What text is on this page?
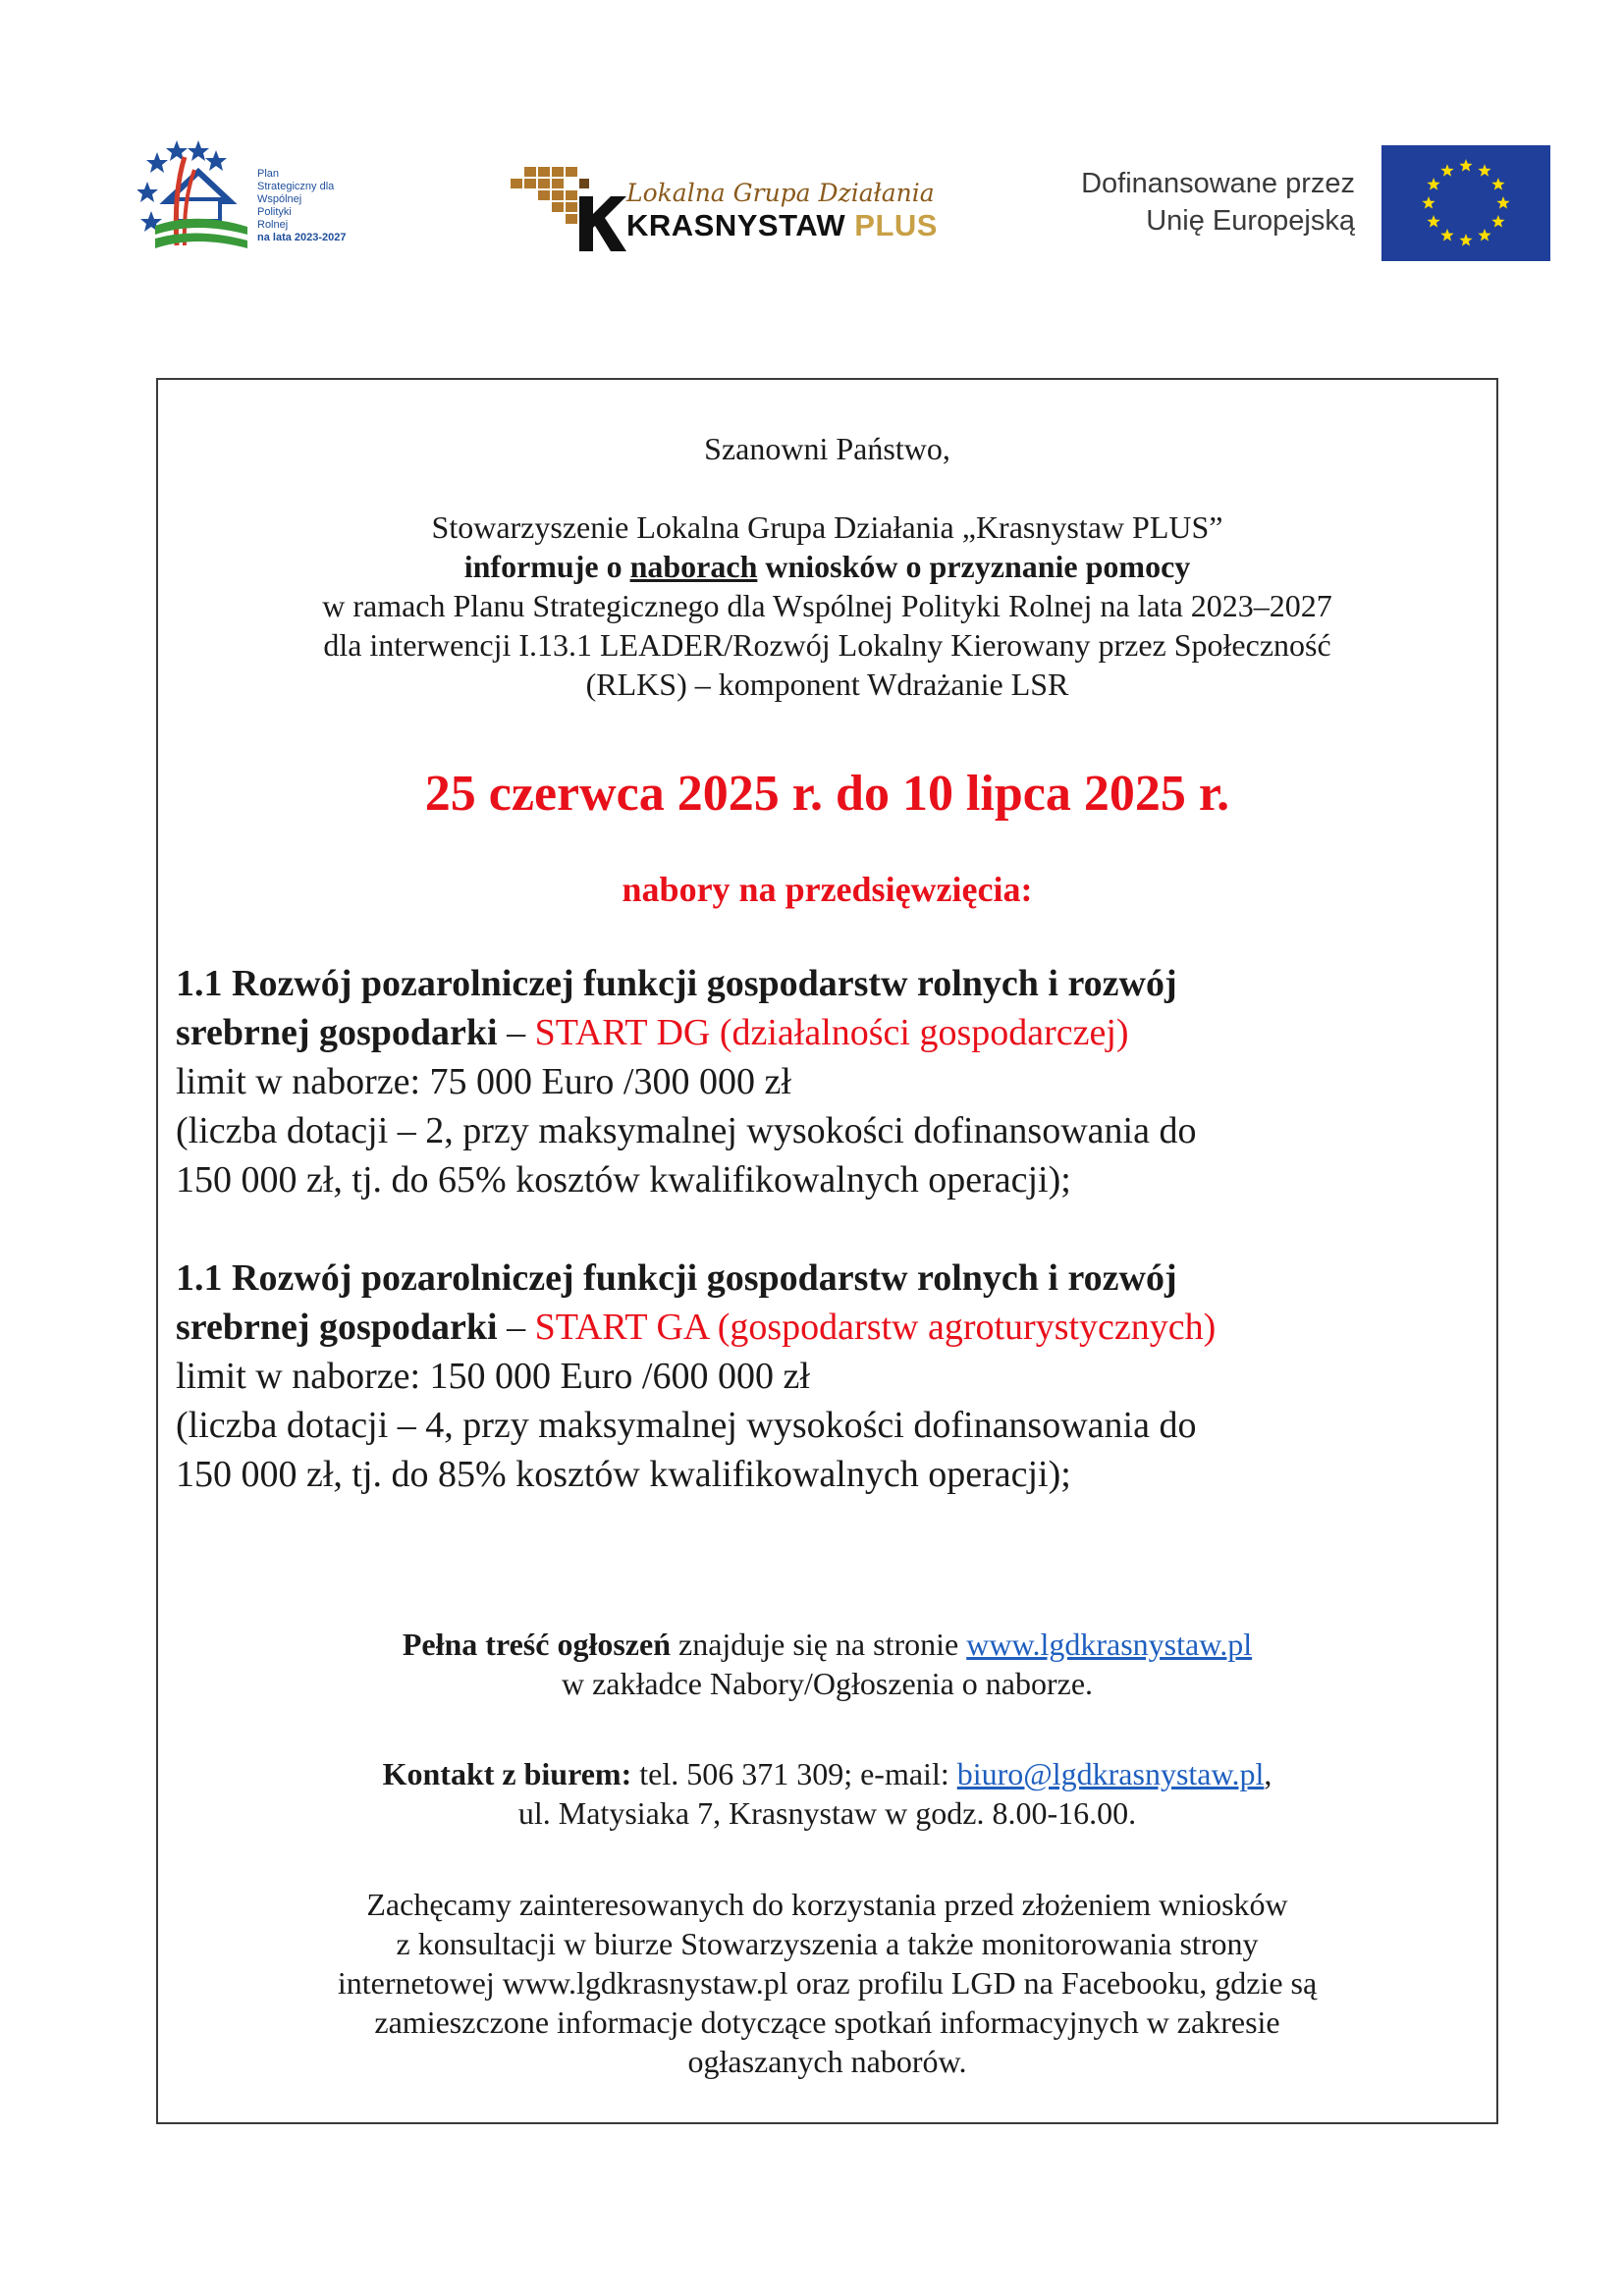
Plan
Strategiczny dla
Wspólnej
Polityki
Rolnej
na lata 2023-2027
Lokalna Grupa Działania
KRASNYSTAW PLUS
Dofinansowane przez
Unię Europejską
Szanowni Państwo,
Stowarzyszenie Lokalna Grupa Działania „Krasnystaw PLUS”
informuje o naborach wniosków o przyznanie pomocy
w ramach Planu Strategicznego dla Wspólnej Polityki Rolnej na lata 2023–2027
dla interwencji I.13.1 LEADER/Rozwój Lokalny Kierowany przez Społeczność
(RLKS) – komponent Wdrażanie LSR
25 czerwca 2025 r. do 10 lipca 2025 r.
nabory na przedsięwzięcia:
1.1 Rozwój pozarolniczej funkcji gospodarstw rolnych i rozwój
srebrnej gospodarki – START DG (działalności gospodarczej)
limit w naborze: 75 000 Euro /300 000 zł
(liczba dotacji – 2, przy maksymalnej wysokości dofinansowania do
150 000 zł, tj. do 65% kosztów kwalifikowalnych operacji);
1.1 Rozwój pozarolniczej funkcji gospodarstw rolnych i rozwój
srebrnej gospodarki – START GA (gospodarstw agroturystycznych)
limit w naborze: 150 000 Euro /600 000 zł
(liczba dotacji – 4, przy maksymalnej wysokości dofinansowania do
150 000 zł, tj. do 85% kosztów kwalifikowalnych operacji);
Pełna treść ogłoszeń znajduje się na stronie www.lgdkrasnystaw.pl
w zakładce Nabory/Ogłoszenia o naborze.
Kontakt z biurem: tel. 506 371 309; e-mail: biuro@lgdkrasnystaw.pl,
ul. Matysiaka 7, Krasnystaw w godz. 8.00-16.00.
Zachęcamy zainteresowanych do korzystania przed złożeniem wniosków
z konsultacji w biurze Stowarzyszenia a także monitorowania strony
internetowej www.lgdkrasnystaw.pl oraz profilu LGD na Facebooku, gdzie są
zamieszczone informacje dotyczące spotkań informacyjnych w zakresie
ogłaszanych naborów.
